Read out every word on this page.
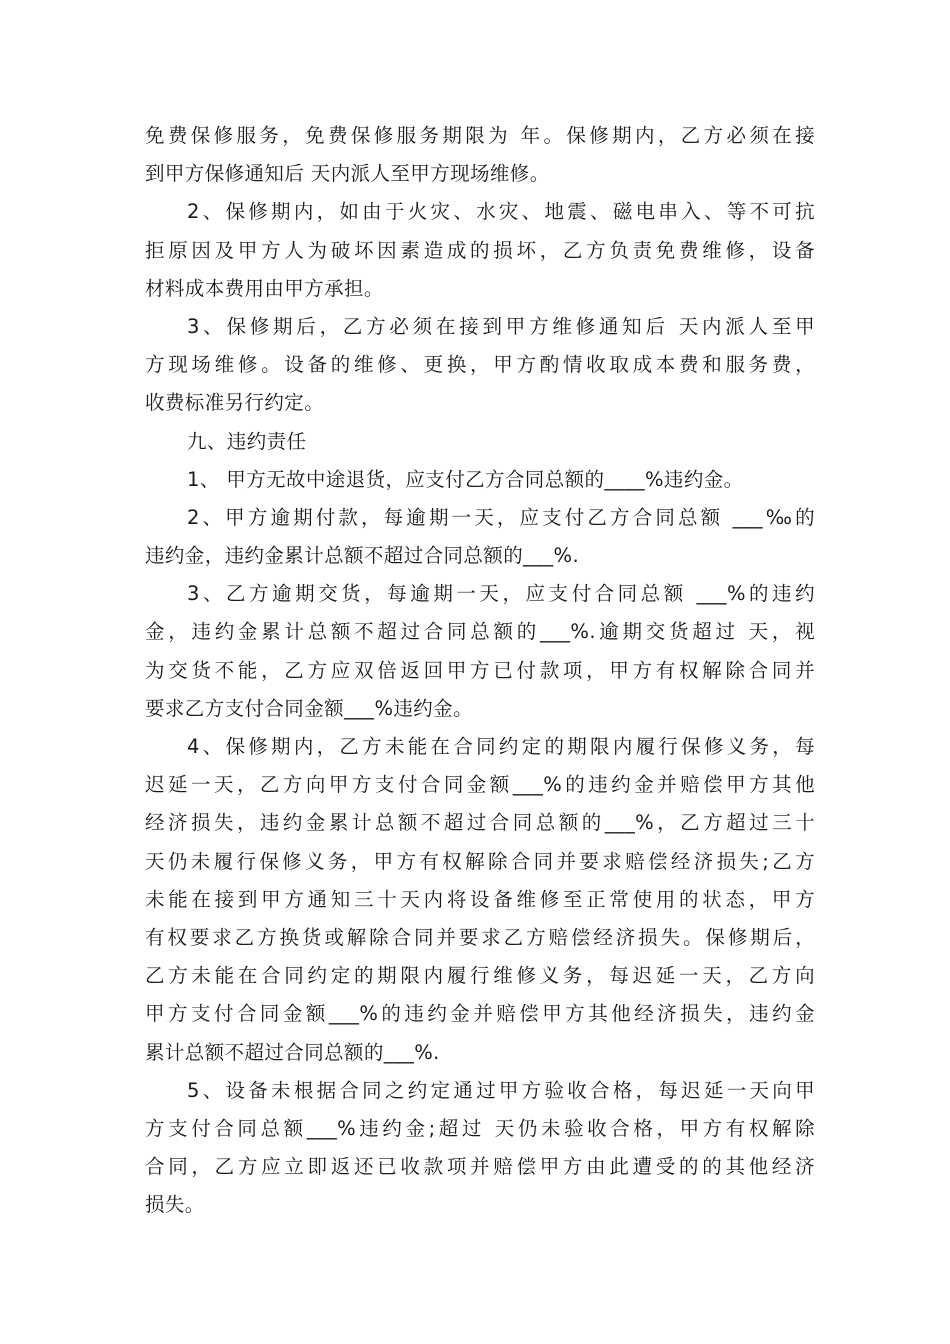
免费保修服务，免费保修服务期限为 年。保修期内，乙方必须在接
到甲方保修通知后 天内派人至甲方现场维修。
2、保修期内，如由于火灾、水灾、地震、磁电串入、等不可抗
拒原因及甲方人为破坏因素造成的损坏，乙方负责免费维修，设备
材料成本费用由甲方承担。
3、保修期后，乙方必须在接到甲方维修通知后 天内派人至甲
方现场维修。设备的维修、更换，甲方酌情收取成本费和服务费，
收费标准另行约定。
九、违约责任
1、 甲方无故中途退货，应支付乙方合同总额的____%违约金。
2、甲方逾期付款，每逾期一天，应支付乙方合同总额 ___‰的
违约金，违约金累计总额不超过合同总额的___%.
3、乙方逾期交货，每逾期一天，应支付合同总额 ___%的违约
金，违约金累计总额不超过合同总额的___%.逾期交货超过 天，视
为交货不能，乙方应双倍返回甲方已付款项，甲方有权解除合同并
要求乙方支付合同金额___%违约金。
4、保修期内，乙方未能在合同约定的期限内履行保修义务，每
迟延一天，乙方向甲方支付合同金额___%的违约金并赔偿甲方其他
经济损失，违约金累计总额不超过合同总额的___%，乙方超过三十
天仍未履行保修义务，甲方有权解除合同并要求赔偿经济损失;乙方
未能在接到甲方通知三十天内将设备维修至正常使用的状态，甲方
有权要求乙方换货或解除合同并要求乙方赔偿经济损失。保修期后，
乙方未能在合同约定的期限内履行维修义务，每迟延一天，乙方向
甲方支付合同金额___%的违约金并赔偿甲方其他经济损失，违约金
累计总额不超过合同总额的___%.
5、设备未根据合同之约定通过甲方验收合格，每迟延一天向甲
方支付合同总额___%违约金;超过 天仍未验收合格，甲方有权解除
合同，乙方应立即返还已收款项并赔偿甲方由此遭受的的其他经济
损失。
